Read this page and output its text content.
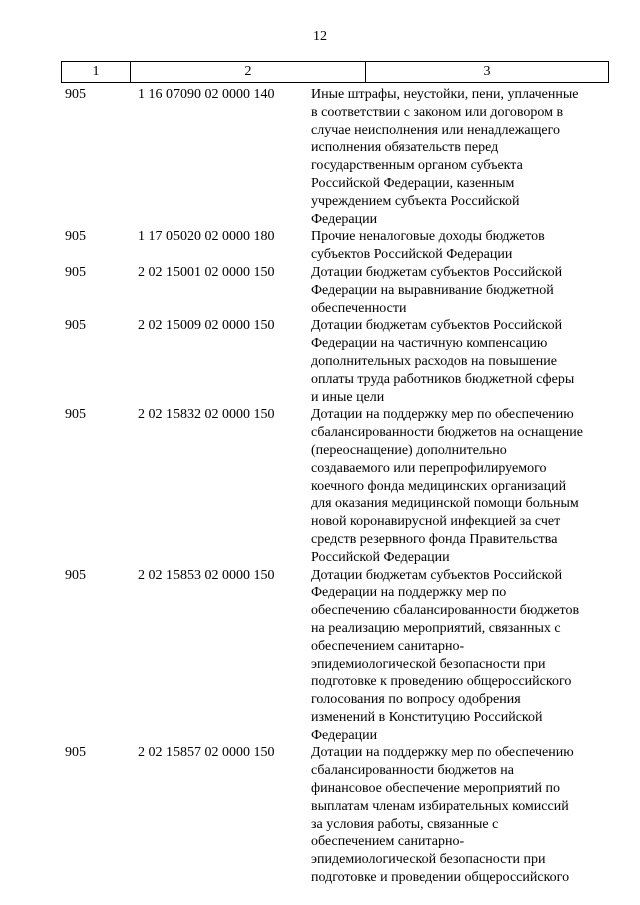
12
1	2	3
905	1 16 07090 02 0000 140	Иные штрафы, неустойки, пени, уплаченные
в соответствии с законом или договором в
случае неисполнения или ненадлежащего
исполнения обязательств перед
государственным органом субъекта
Российской Федерации, казенным
учреждением субъекта Российской
Федерации
905	1 17 05020 02 0000 180	Прочие неналоговые доходы бюджетов
субъектов Российской Федерации
905	2 02 15001 02 0000 150	Дотации бюджетам субъектов Российской
Федерации на выравнивание бюджетной
обеспеченности
905	2 02 15009 02 0000 150	Дотации бюджетам субъектов Российской
Федерации на частичную компенсацию
дополнительных расходов на повышение
оплаты труда работников бюджетной сферы
и иные цели
905	2 02 15832 02 0000 150	Дотации на поддержку мер по обеспечению
сбалансированности бюджетов на оснащение
(переоснащение) дополнительно
создаваемого или перепрофилируемого
коечного фонда медицинских организаций
для оказания медицинской помощи больным
новой коронавирусной инфекцией за счет
средств резервного фонда Правительства
Российской Федерации
905	2 02 15853 02 0000 150	Дотации бюджетам субъектов Российской
Федерации на поддержку мер по
обеспечению сбалансированности бюджетов
на реализацию мероприятий, связанных с
обеспечением санитарно-
эпидемиологической безопасности при
подготовке к проведению общероссийского
голосования по вопросу одобрения
изменений в Конституцию Российской
Федерации
905	2 02 15857 02 0000 150	Дотации на поддержку мер по обеспечению
сбалансированности бюджетов на
финансовое обеспечение мероприятий по
выплатам членам избирательных комиссий
за условия работы, связанные с
обеспечением санитарно-
эпидемиологической безопасности при
подготовке и проведении общероссийского
